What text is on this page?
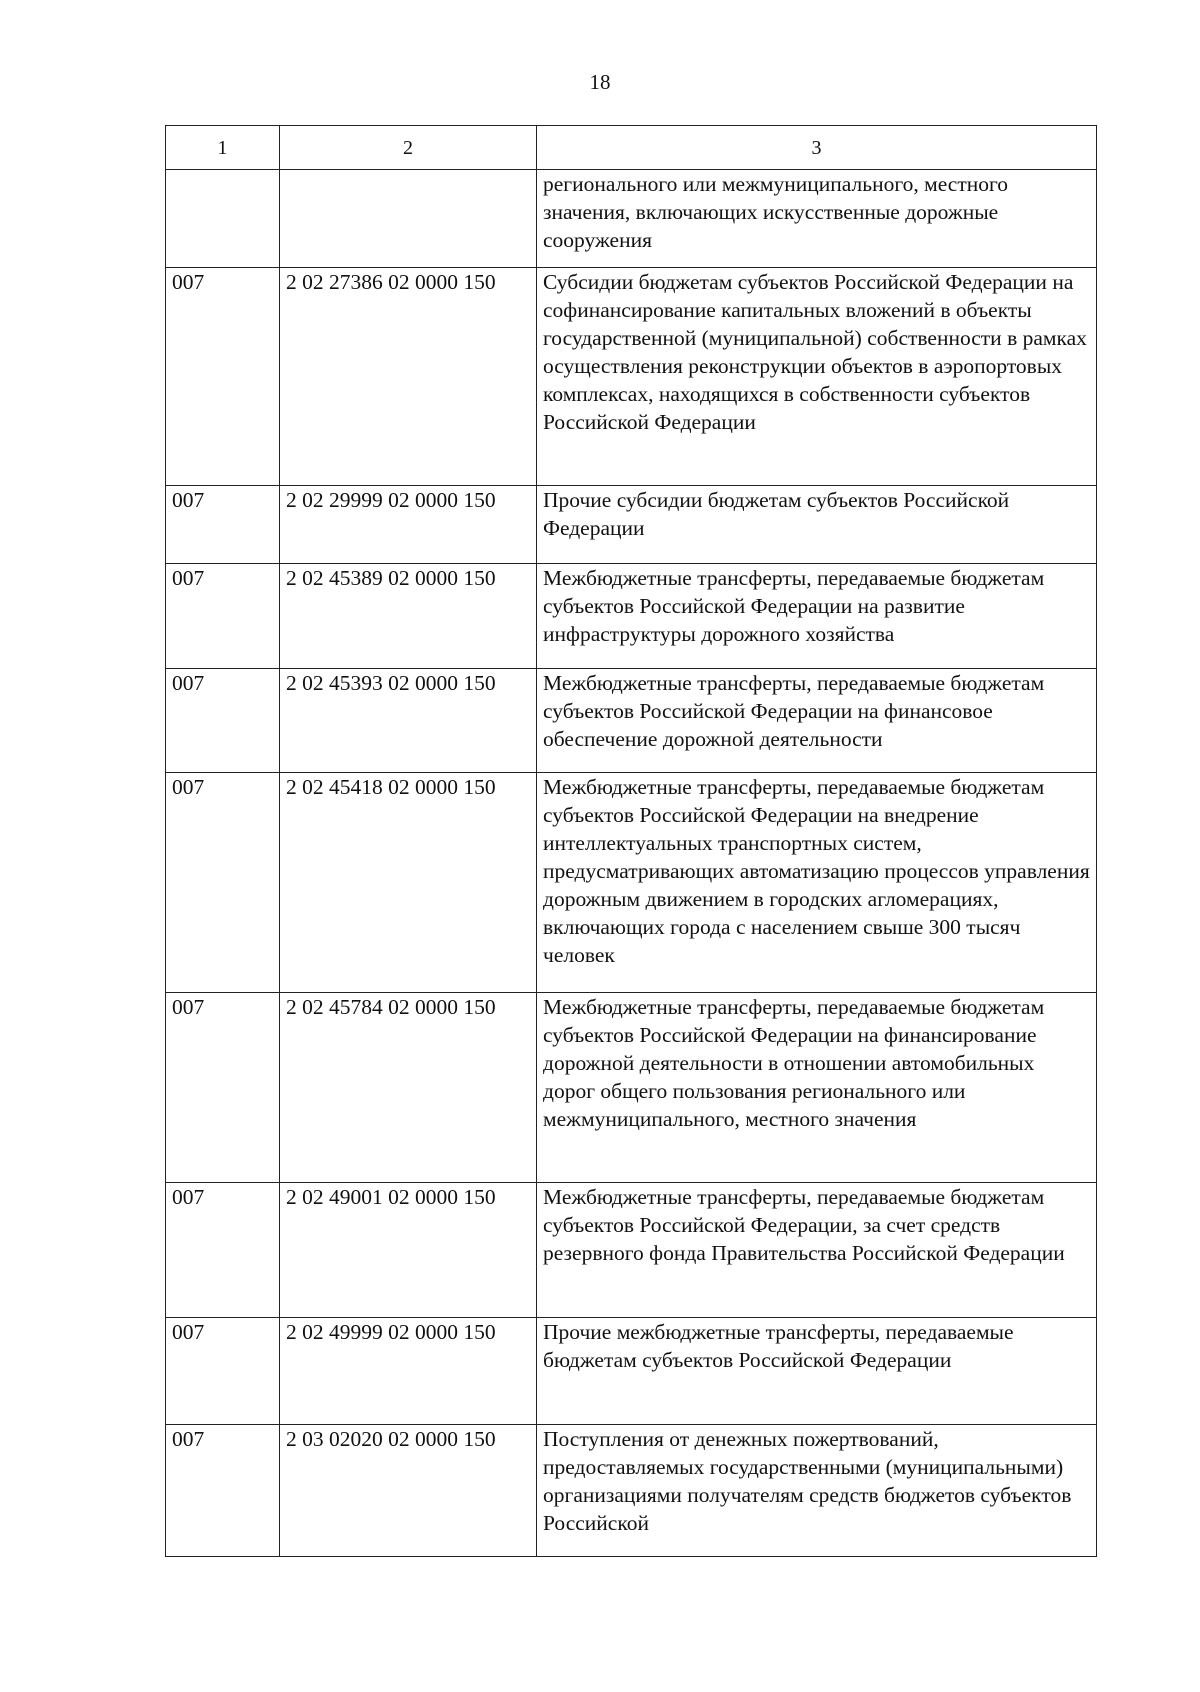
18
1	2	3
		регионального или межмуниципального, местного значения, включающих искусственные дорожные сооружения
007	2 02 27386 02 0000 150	Субсидии бюджетам субъектов Российской Федерации на софинансирование капитальных вложений в объекты государственной (муниципальной) собственности в рамках осуществления реконструкции объектов в аэропортовых комплексах, находящихся в собственности субъектов Российской Федерации
007	2 02 29999 02 0000 150	Прочие субсидии бюджетам субъектов Российской Федерации
007	2 02 45389 02 0000 150	Межбюджетные трансферты, передаваемые бюджетам субъектов Российской Федерации на развитие инфраструктуры дорожного хозяйства
007	2 02 45393 02 0000 150	Межбюджетные трансферты, передаваемые бюджетам субъектов Российской Федерации на финансовое обеспечение дорожной деятельности
007	2 02 45418 02 0000 150	Межбюджетные трансферты, передаваемые бюджетам субъектов Российской Федерации на внедрение интеллектуальных транспортных систем, предусматривающих автоматизацию процессов управления дорожным движением в городских агломерациях, включающих города с населением свыше 300 тысяч человек
007	2 02 45784 02 0000 150	Межбюджетные трансферты, передаваемые бюджетам субъектов Российской Федерации на финансирование дорожной деятельности в отношении автомобильных дорог общего пользования регионального или межмуниципального, местного значения
007	2 02 49001 02 0000 150	Межбюджетные трансферты, передаваемые бюджетам субъектов Российской Федерации, за счет средств резервного фонда Правительства Российской Федерации
007	2 02 49999 02 0000 150	Прочие межбюджетные трансферты, передаваемые бюджетам субъектов Российской Федерации
007	2 03 02020 02 0000 150	Поступления от денежных пожертвований, предоставляемых государственными (муниципальными) организациями получателям средств бюджетов субъектов Российской
